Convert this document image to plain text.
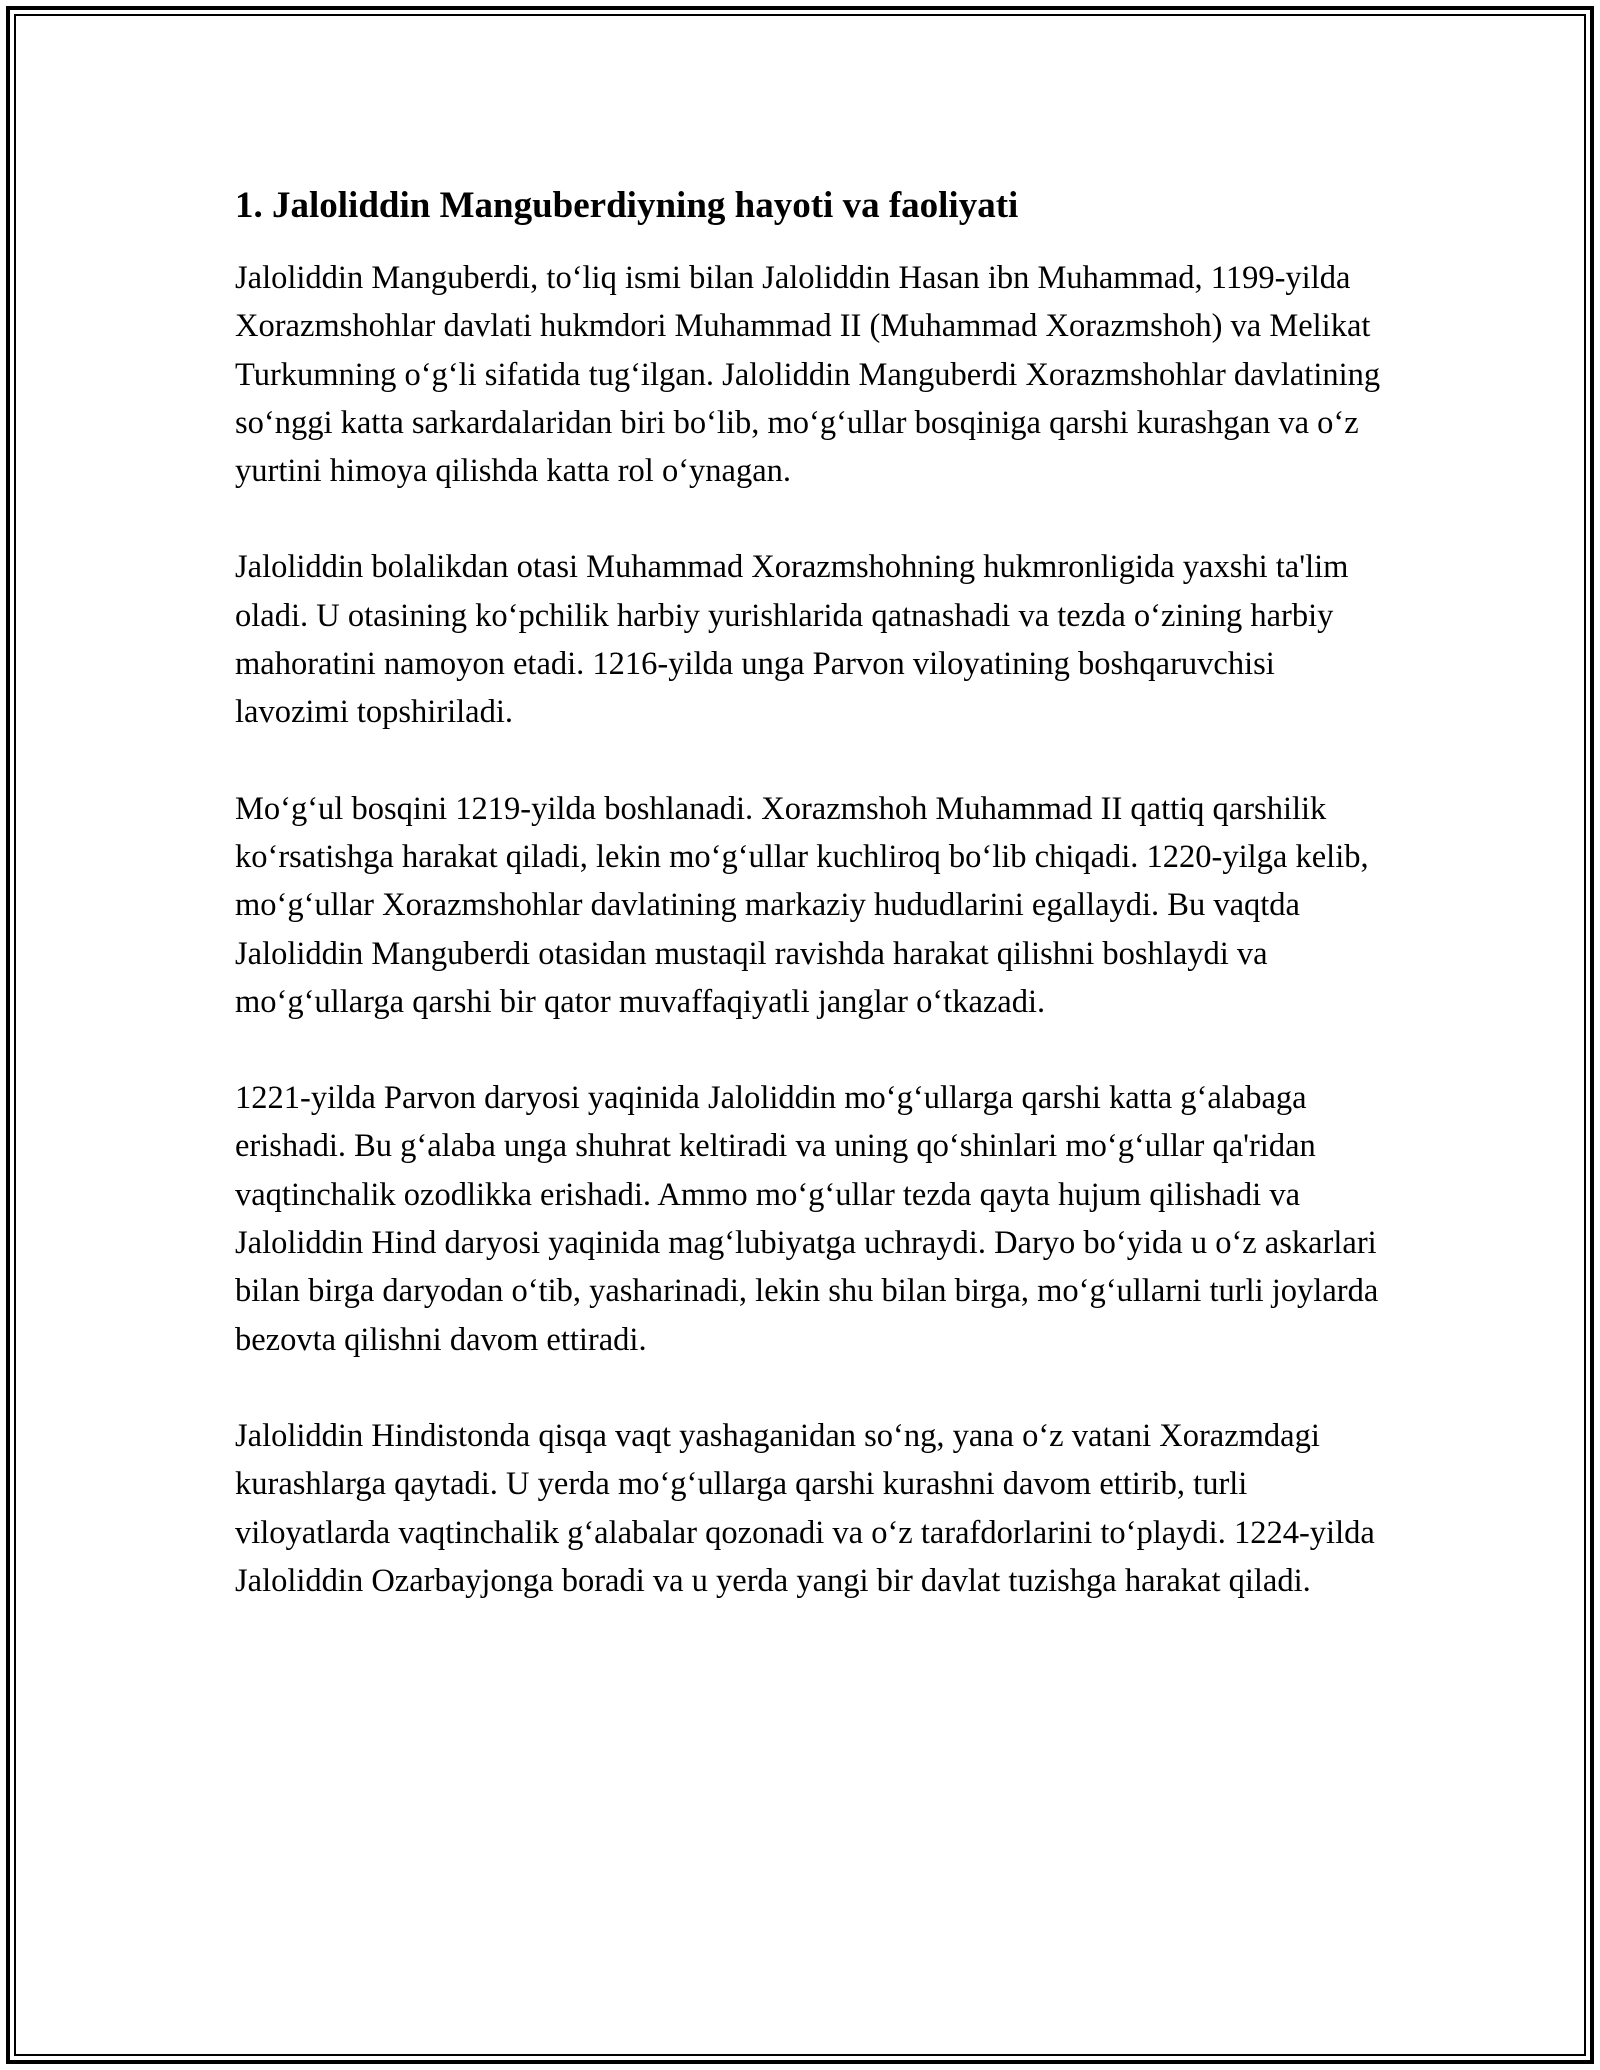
1. Jaloliddin Manguberdiyning hayoti va faoliyati

Jaloliddin Manguberdi, to‘liq ismi bilan Jaloliddin Hasan ibn Muhammad, 1199-yilda Xorazmshohlar davlati hukmdori Muhammad II (Muhammad Xorazmshoh) va Melikat Turkumning o‘g‘li sifatida tug‘ilgan. Jaloliddin Manguberdi Xorazmshohlar davlatining so‘nggi katta sarkardalaridan biri bo‘lib, mo‘g‘ullar bosqiniga qarshi kurashgan va o‘z yurtini himoya qilishda katta rol o‘ynagan.

Jaloliddin bolalikdan otasi Muhammad Xorazmshohning hukmronligida yaxshi ta'lim oladi. U otasining ko‘pchilik harbiy yurishlarida qatnashadi va tezda o‘zining harbiy mahoratini namoyon etadi. 1216-yilda unga Parvon viloyatining boshqaruvchisi lavozimi topshiriladi.

Mo‘g‘ul bosqini 1219-yilda boshlanadi. Xorazmshoh Muhammad II qattiq qarshilik ko‘rsatishga harakat qiladi, lekin mo‘g‘ullar kuchliroq bo‘lib chiqadi. 1220-yilga kelib, mo‘g‘ullar Xorazmshohlar davlatining markaziy hududlarini egallaydi. Bu vaqtda Jaloliddin Manguberdi otasidan mustaqil ravishda harakat qilishni boshlaydi va mo‘g‘ullarga qarshi bir qator muvaffaqiyatli janglar o‘tkazadi.

1221-yilda Parvon daryosi yaqinida Jaloliddin mo‘g‘ullarga qarshi katta g‘alabaga erishadi. Bu g‘alaba unga shuhrat keltiradi va uning qo‘shinlari mo‘g‘ullar qa'ridan vaqtinchalik ozodlikka erishadi. Ammo mo‘g‘ullar tezda qayta hujum qilishadi va Jaloliddin Hind daryosi yaqinida mag‘lubiyatga uchraydi. Daryo bo‘yida u o‘z askarlari bilan birga daryodan o‘tib, yasharinadi, lekin shu bilan birga, mo‘g‘ullarni turli joylarda bezovta qilishni davom ettiradi.

Jaloliddin Hindistonda qisqa vaqt yashaganidan so‘ng, yana o‘z vatani Xorazmdagi kurashlarga qaytadi. U yerda mo‘g‘ullarga qarshi kurashni davom ettirib, turli viloyatlarda vaqtinchalik g‘alabalar qozonadi va o‘z tarafdorlarini to‘playdi. 1224-yilda Jaloliddin Ozarbayjonga boradi va u yerda yangi bir davlat tuzishga harakat qiladi.
